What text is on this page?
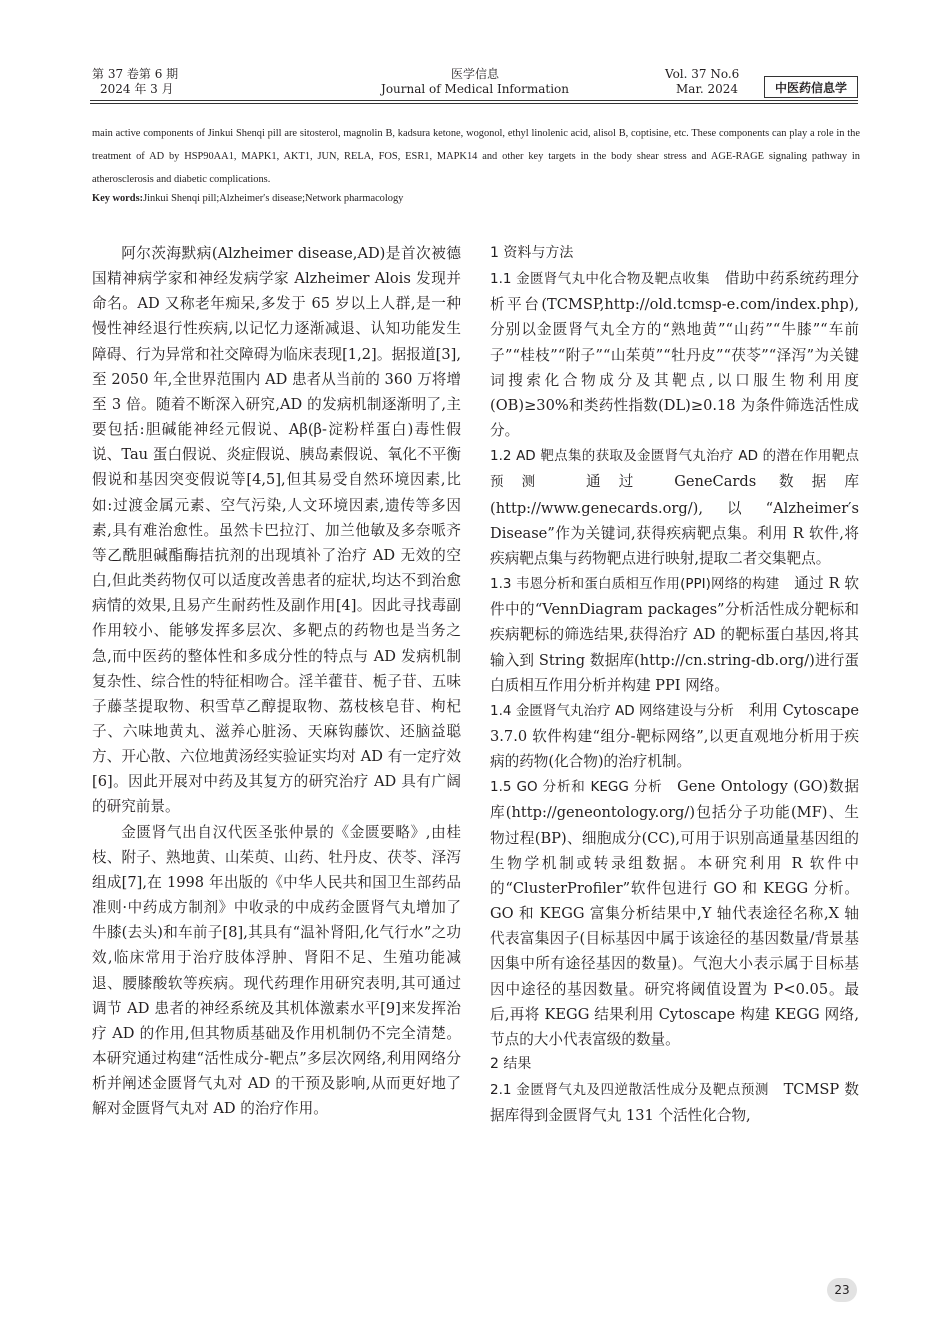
第 37 卷第 6 期
2024 年 3 月
医学信息
Journal of Medical Information
Vol. 37 No.6
Mar. 2024	中医药信息学
main active components of Jinkui Shenqi pill are sitosterol, magnolin B, kadsura ketone, wogonol, ethyl linolenic acid, alisol B, coptisine, etc. These components can play a role in the treatment of AD by HSP90AA1, MAPK1, AKT1, JUN, RELA, FOS, ESR1, MAPK14 and other key targets in the body shear stress and AGE-RAGE signaling pathway in atherosclerosis and diabetic complications.
Key words:Jinkui Shenqi pill;Alzheimer′s disease;Network pharmacology

阿尔茨海默病(Alzheimer disease,AD)是首次被德国精神病学家和神经发病学家 Alzheimer Alois 发现并命名。AD 又称老年痴呆,多发于 65 岁以上人群,是一种慢性神经退行性疾病,以记忆力逐渐减退、认知功能发生障碍、行为异常和社交障碍为临床表现[1,2]。据报道[3],至 2050 年,全世界范围内 AD 患者从当前的 360 万将增至 3 倍。随着不断深入研究,AD 的发病机制逐渐明了,主要包括:胆碱能神经元假说、Aβ(β-淀粉样蛋白)毒性假说、Tau 蛋白假说、炎症假说、胰岛素假说、氧化不平衡假说和基因突变假说等[4,5],但其易受自然环境因素,比如:过渡金属元素、空气污染,人文环境因素,遗传等多因素,具有难治愈性。虽然卡巴拉汀、加兰他敏及多奈哌齐等乙酰胆碱酯酶拮抗剂的出现填补了治疗 AD 无效的空白,但此类药物仅可以适度改善患者的症状,均达不到治愈病情的效果,且易产生耐药性及副作用[4]。因此寻找毒副作用较小、能够发挥多层次、多靶点的药物也是当务之急,而中医药的整体性和多成分性的特点与 AD 发病机制复杂性、综合性的特征相吻合。淫羊藿苷、栀子苷、五味子藤茎提取物、积雪草乙醇提取物、荔枝核皂苷、枸杞子、六味地黄丸、滋养心脏汤、天麻钩藤饮、还脑益聪方、开心散、六位地黄汤经实验证实均对 AD 有一定疗效[6]。因此开展对中药及其复方的研究治疗 AD 具有广阔的研究前景。

金匮肾气出自汉代医圣张仲景的《金匮要略》,由桂枝、附子、熟地黄、山茱萸、山药、牡丹皮、茯苓、泽泻组成[7],在 1998 年出版的《中华人民共和国卫生部药品准则·中药成方制剂》中收录的中成药金匮肾气丸增加了牛膝(去头)和车前子[8],其具有“温补肾阳,化气行水”之功效,临床常用于治疗肢体浮肿、肾阳不足、生殖功能减退、腰膝酸软等疾病。现代药理作用研究表明,其可通过调节 AD 患者的神经系统及其机体激素水平[9]来发挥治疗 AD 的作用,但其物质基础及作用机制仍不完全清楚。本研究通过构建“活性成分-靶点”多层次网络,利用网络分析并阐述金匮肾气丸对 AD 的干预及影响,从而更好地了解对金匮肾气丸对 AD 的治疗作用。

1 资料与方法

1.1 金匮肾气丸中化合物及靶点收集  借助中药系统药理分析平台(TCMSP,http://old.tcmsp-e.com/index.php),分别以金匮肾气丸全方的“熟地黄”“山药”“牛膝”“车前子”“桂枝”“附子”“山茱萸”“牡丹皮”“茯苓”“泽泻”为关键词搜索化合物成分及其靶点,以口服生物利用度(OB)≥30%和类药性指数(DL)≥0.18 为条件筛选活性成分。

1.2 AD 靶点集的获取及金匮肾气丸治疗 AD 的潜在作用靶点预测  通过 GeneCards 数据库(http://www.genecards.org/),以“Alzheimer′s Disease”作为关键词,获得疾病靶点集。利用 R 软件,将疾病靶点集与药物靶点进行映射,提取二者交集靶点。

1.3 韦恩分析和蛋白质相互作用(PPI)网络的构建  通过 R 软件中的“VennDiagram packages”分析活性成分靶标和疾病靶标的筛选结果,获得治疗 AD 的靶标蛋白基因,将其输入到 String 数据库(http://cn.string-db.org/)进行蛋白质相互作用分析并构建 PPI 网络。

1.4 金匮肾气丸治疗 AD 网络建设与分析  利用 Cytoscape 3.7.0 软件构建“组分-靶标网络”,以更直观地分析用于疾病的药物(化合物)的治疗机制。

1.5 GO 分析和 KEGG 分析  Gene Ontology (GO)数据库(http://geneontology.org/)包括分子功能(MF)、生物过程(BP)、细胞成分(CC),可用于识别高通量基因组的生物学机制或转录组数据。本研究利用 R 软件中的“ClusterProfiler”软件包进行 GO 和 KEGG 分析。GO 和 KEGG 富集分析结果中,Y 轴代表途径名称,X 轴代表富集因子(目标基因中属于该途径的基因数量/背景基因集中所有途径基因的数量)。气泡大小表示属于目标基因中途径的基因数量。研究将阈值设置为 P<0.05。最后,再将 KEGG 结果利用 Cytoscape 构建 KEGG 网络,节点的大小代表富级的数量。

2 结果

2.1 金匮肾气丸及四逆散活性成分及靶点预测  TCMSP 数据库得到金匮肾气丸 131 个活性化合物,

23
